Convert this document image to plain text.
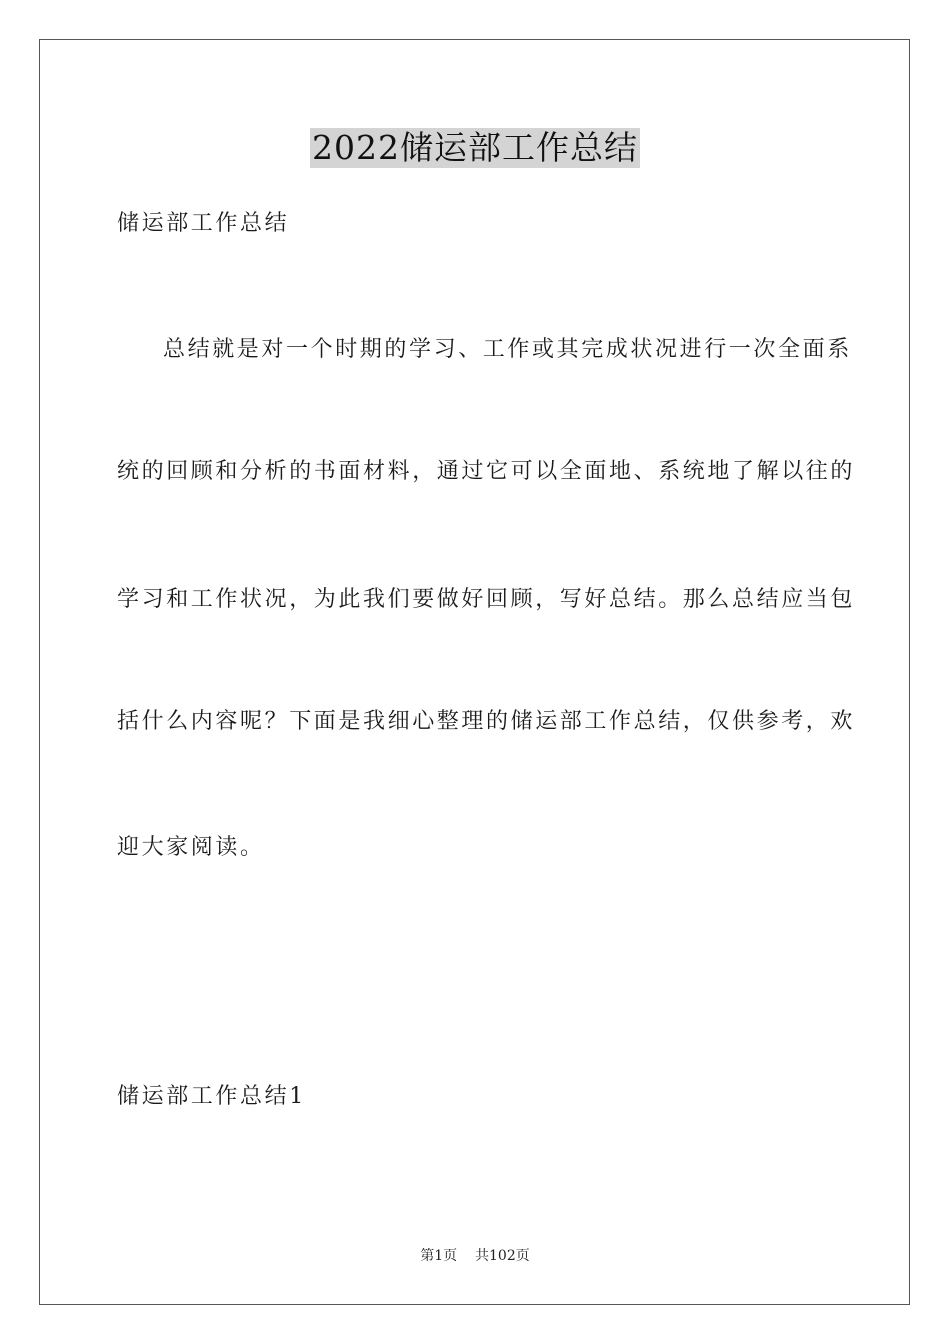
2022储运部工作总结
储运部工作总结
总结就是对一个时期的学习、工作或其完成状况进行一次全面系
统的回顾和分析的书面材料，通过它可以全面地、系统地了解以往的
学习和工作状况，为此我们要做好回顾，写好总结。那么总结应当包
括什么内容呢？下面是我细心整理的储运部工作总结，仅供参考，欢
迎大家阅读。
储运部工作总结1
第1页 共102页
